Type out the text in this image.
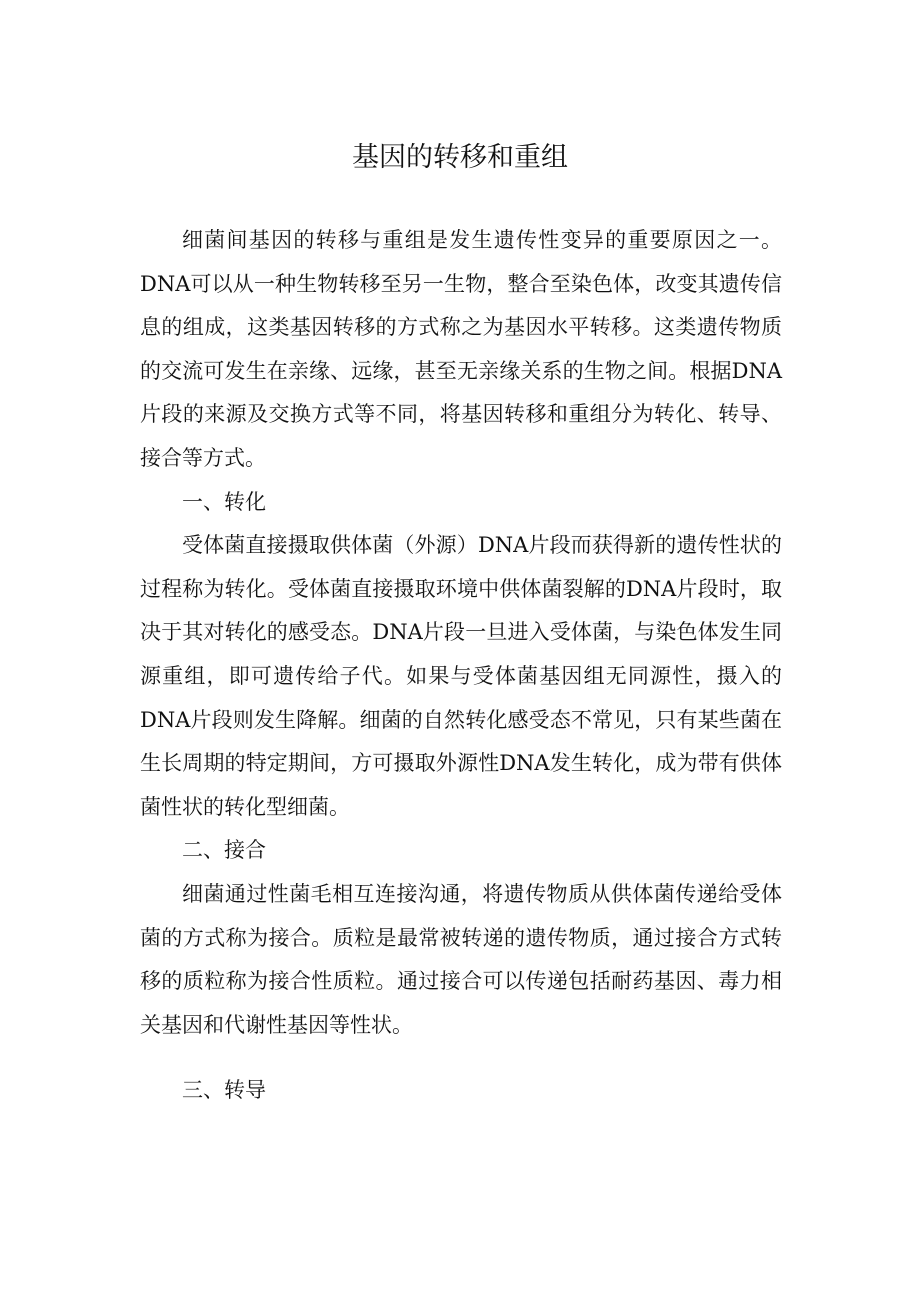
基因的转移和重组

细菌间基因的转移与重组是发生遗传性变异的重要原因之一。DNA可以从一种生物转移至另一生物，整合至染色体，改变其遗传信息的组成，这类基因转移的方式称之为基因水平转移。这类遗传物质的交流可发生在亲缘、远缘，甚至无亲缘关系的生物之间。根据DNA片段的来源及交换方式等不同，将基因转移和重组分为转化、转导、接合等方式。

一、转化

受体菌直接摄取供体菌（外源）DNA片段而获得新的遗传性状的过程称为转化。受体菌直接摄取环境中供体菌裂解的DNA片段时，取决于其对转化的感受态。DNA片段一旦进入受体菌，与染色体发生同源重组，即可遗传给子代。如果与受体菌基因组无同源性，摄入的DNA片段则发生降解。细菌的自然转化感受态不常见，只有某些菌在生长周期的特定期间，方可摄取外源性DNA发生转化，成为带有供体菌性状的转化型细菌。

二、接合

细菌通过性菌毛相互连接沟通，将遗传物质从供体菌传递给受体菌的方式称为接合。质粒是最常被转递的遗传物质，通过接合方式转移的质粒称为接合性质粒。通过接合可以传递包括耐药基因、毒力相关基因和代谢性基因等性状。

三、转导
